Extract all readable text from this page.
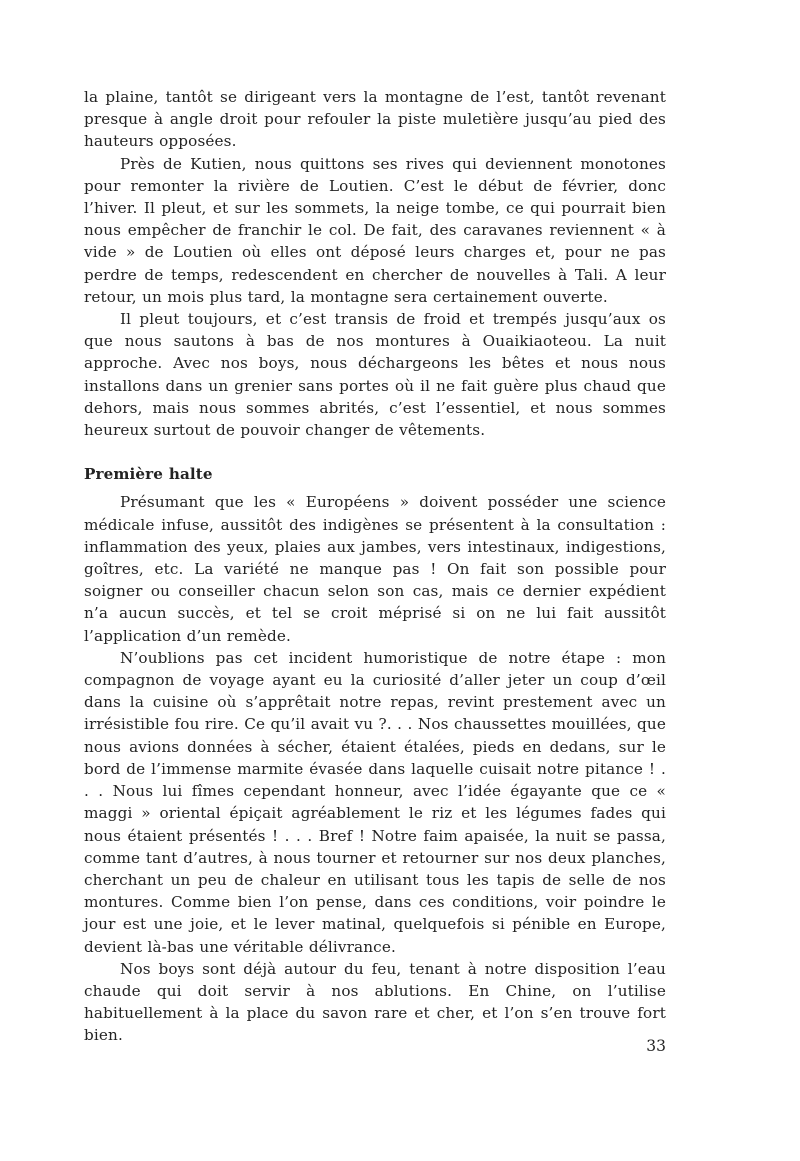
la plaine, tantôt se dirigeant vers la montagne de l’est, tantôt revenant presque à angle droit pour refouler la piste muletière jusqu’au pied des hauteurs opposées.

Près de Kutien, nous quittons ses rives qui deviennent monotones pour remonter la rivière de Loutien. C’est le début de février, donc l’hiver. Il pleut, et sur les sommets, la neige tombe, ce qui pourrait bien nous empêcher de franchir le col. De fait, des caravanes reviennent « à vide » de Loutien où elles ont déposé leurs charges et, pour ne pas perdre de temps, redescendent en chercher de nouvelles à Tali. A leur retour, un mois plus tard, la montagne sera certainement ouverte.

Il pleut toujours, et c’est transis de froid et trempés jusqu’aux os que nous sautons à bas de nos montures à Ouaikiaoteou. La nuit approche. Avec nos boys, nous déchargeons les bêtes et nous nous installons dans un grenier sans portes où il ne fait guère plus chaud que dehors, mais nous sommes abrités, c’est l’essentiel, et nous sommes heureux surtout de pouvoir changer de vêtements.

Première halte

Présumant que les « Européens » doivent posséder une science médicale infuse, aussitôt des indigènes se présentent à la consultation : inflammation des yeux, plaies aux jambes, vers intestinaux, indigestions, goîtres, etc. La variété ne manque pas ! On fait son possible pour soigner ou conseiller chacun selon son cas, mais ce dernier expédient n’a aucun succès, et tel se croit méprisé si on ne lui fait aussitôt l’application d’un remède.

N’oublions pas cet incident humoristique de notre étape : mon compagnon de voyage ayant eu la curiosité d’aller jeter un coup d’œil dans la cuisine où s’apprêtait notre repas, revint prestement avec un irrésistible fou rire. Ce qu’il avait vu ?. . . Nos chaussettes mouillées, que nous avions données à sécher, étaient étalées, pieds en dedans, sur le bord de l’immense marmite évasée dans laquelle cuisait notre pitance ! . . . Nous lui fîmes cependant honneur, avec l’idée égayante que ce « maggi » oriental épiçait agréablement le riz et les légumes fades qui nous étaient présentés ! . . . Bref ! Notre faim apaisée, la nuit se passa, comme tant d’autres, à nous tourner et retourner sur nos deux planches, cherchant un peu de chaleur en utilisant tous les tapis de selle de nos montures. Comme bien l’on pense, dans ces conditions, voir poindre le jour est une joie, et le lever matinal, quelquefois si pénible en Europe, devient là-bas une véritable délivrance.

Nos boys sont déjà autour du feu, tenant à notre disposition l’eau chaude qui doit servir à nos ablutions. En Chine, on l’utilise habituellement à la place du savon rare et cher, et l’on s’en trouve fort bien.

33
